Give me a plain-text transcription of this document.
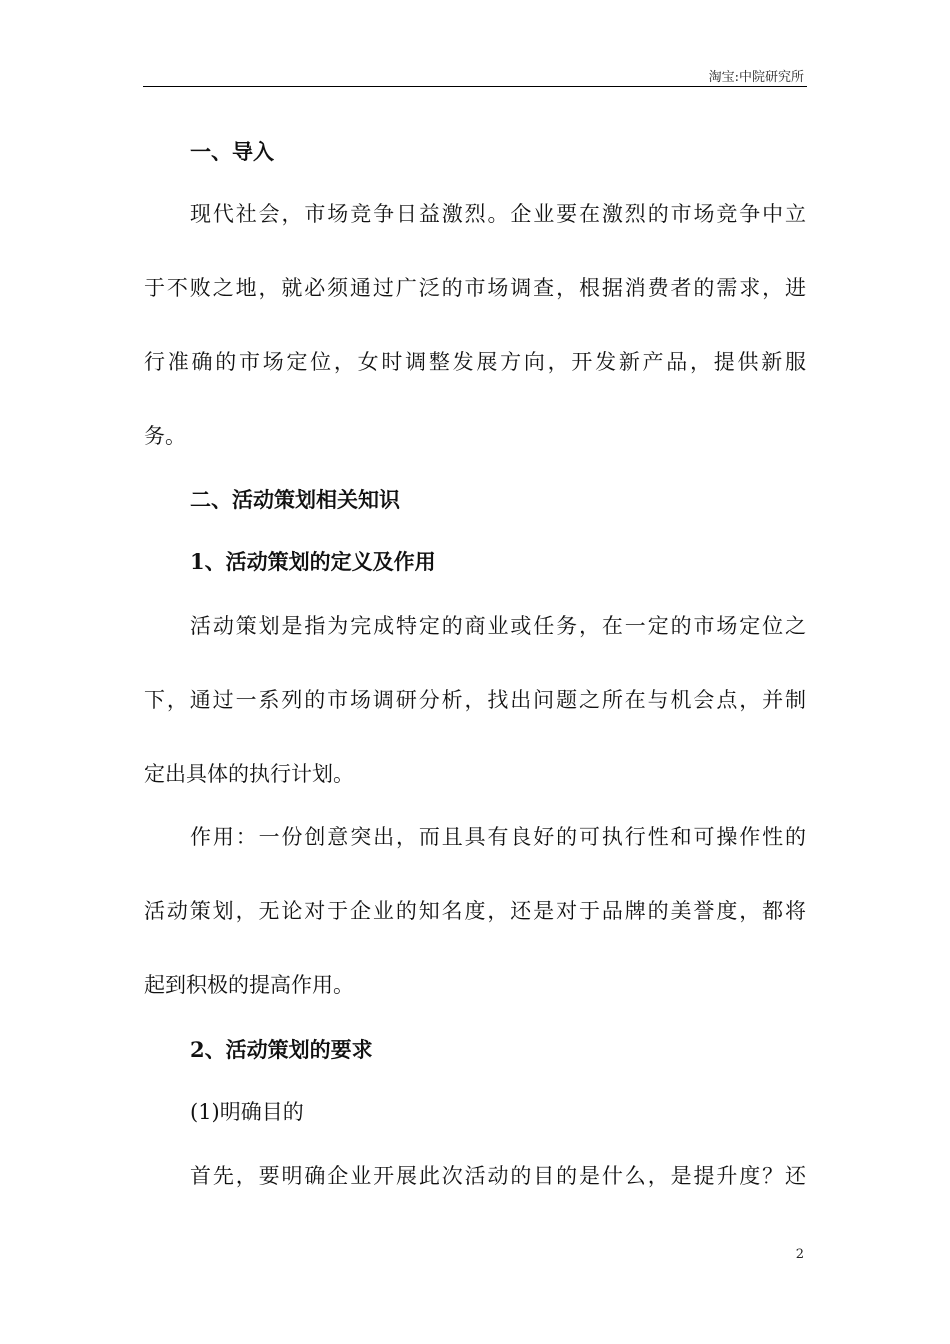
淘宝:中院研究所
一、导入
现代社会，市场竞争日益激烈。企业要在激烈的市场竞争中立
于不败之地，就必须通过广泛的市场调查，根据消费者的需求，进
行准确的市场定位，女时调整发展方向，开发新产品，提供新服
务。
二、活动策划相关知识
1、活动策划的定义及作用
活动策划是指为完成特定的商业或任务，在一定的市场定位之
下，通过一系列的市场调研分析，找出问题之所在与机会点，并制
定出具体的执行计划。
作用：一份创意突出，而且具有良好的可执行性和可操作性的
活动策划，无论对于企业的知名度，还是对于品牌的美誉度，都将
起到积极的提高作用。
2、活动策划的要求
(1)明确目的
首先，要明确企业开展此次活动的目的是什么，是提升度？还
2
